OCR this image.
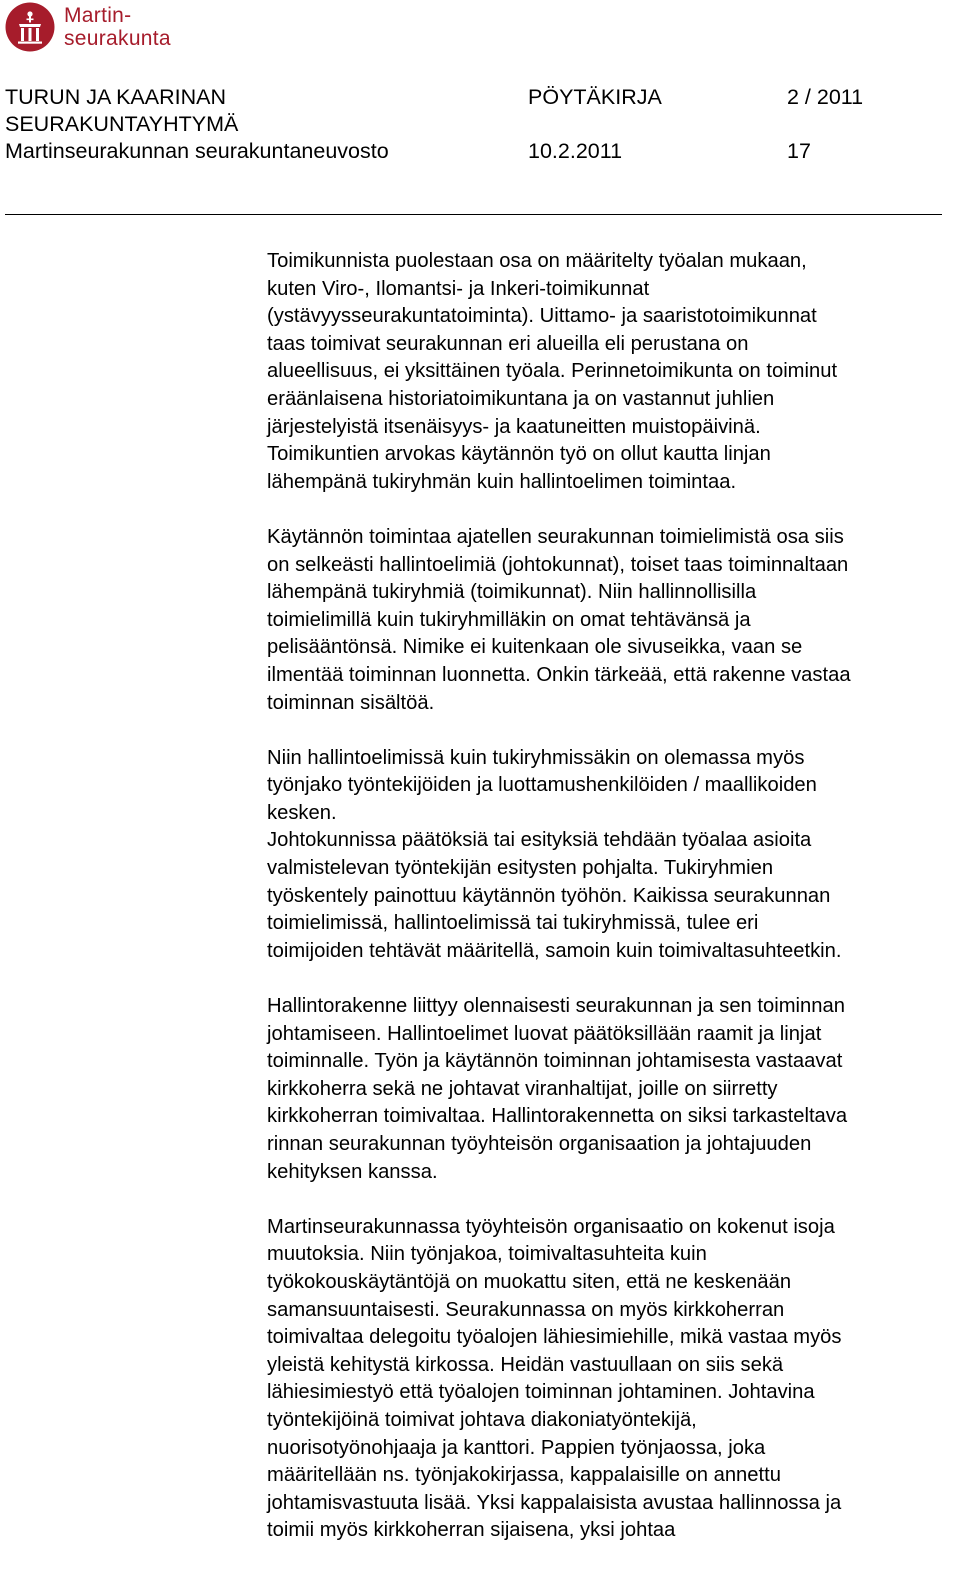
Martin-
seurakunta
TURUN JA KAARINAN
SEURAKUNTAYHTYMÄ
Martinseurakunnan seurakuntaneuvosto
PÖYTÄKIRJA
10.2.2011
2 / 2011
17

Toimikunnista puolestaan osa on määritelty työalan mukaan,
kuten Viro-, Ilomantsi- ja Inkeri-toimikunnat
(ystävyysseurakuntatoiminta). Uittamo- ja saaristotoimikunnat
taas toimivat seurakunnan eri alueilla eli perustana on
alueellisuus, ei yksittäinen työala. Perinnetoimikunta on toiminut
eräänlaisena historiatoimikuntana ja on vastannut juhlien
järjestelyistä itsenäisyys- ja kaatuneitten muistopäivinä.
Toimikuntien arvokas käytännön työ on ollut kautta linjan
lähempänä tukiryhmän kuin hallintoelimen toimintaa.

Käytännön toimintaa ajatellen seurakunnan toimielimistä osa siis
on selkeästi hallintoelimiä (johtokunnat), toiset taas toiminnaltaan
lähempänä tukiryhmiä (toimikunnat). Niin hallinnollisilla
toimielimillä kuin tukiryhmilläkin on omat tehtävänsä ja
pelisääntönsä. Nimike ei kuitenkaan ole sivuseikka, vaan se
ilmentää toiminnan luonnetta. Onkin tärkeää, että rakenne vastaa
toiminnan sisältöä.

Niin hallintoelimissä kuin tukiryhmissäkin on olemassa myös
työnjako työntekijöiden ja luottamushenkilöiden / maallikoiden
kesken.
Johtokunnissa päätöksiä tai esityksiä tehdään työalaa asioita
valmistelevan työntekijän esitysten pohjalta. Tukiryhmien
työskentely painottuu käytännön työhön. Kaikissa seurakunnan
toimielimissä, hallintoelimissä tai tukiryhmissä, tulee eri
toimijoiden tehtävät määritellä, samoin kuin toimivaltasuhteetkin.

Hallintorakenne liittyy olennaisesti seurakunnan ja sen toiminnan
johtamiseen. Hallintoelimet luovat päätöksillään raamit ja linjat
toiminnalle. Työn ja käytännön toiminnan johtamisesta vastaavat
kirkkoherra sekä ne johtavat viranhaltijat, joille on siirretty
kirkkoherran toimivaltaa. Hallintorakennetta on siksi tarkasteltava
rinnan seurakunnan työyhteisön organisaation ja johtajuuden
kehityksen kanssa.

Martinseurakunnassa työyhteisön organisaatio on kokenut isoja
muutoksia. Niin työnjakoa, toimivaltasuhteita kuin
työkokouskäytäntöjä on muokattu siten, että ne keskenään
samansuuntaisesti. Seurakunnassa on myös kirkkoherran
toimivaltaa delegoitu työalojen lähiesimiehille, mikä vastaa myös
yleistä kehitystä kirkossa. Heidän vastuullaan on siis sekä
lähiesimiestyö että työalojen toiminnan johtaminen. Johtavina
työntekijöinä toimivat johtava diakoniatyöntekijä,
nuorisotyönohjaaja ja kanttori. Pappien työnjaossa, joka
määritellään ns. työnjakokirjassa, kappalaisille on annettu
johtamisvastuuta lisää. Yksi kappalaisista avustaa hallinnossa ja
toimii myös kirkkoherran sijaisena, yksi johtaa
